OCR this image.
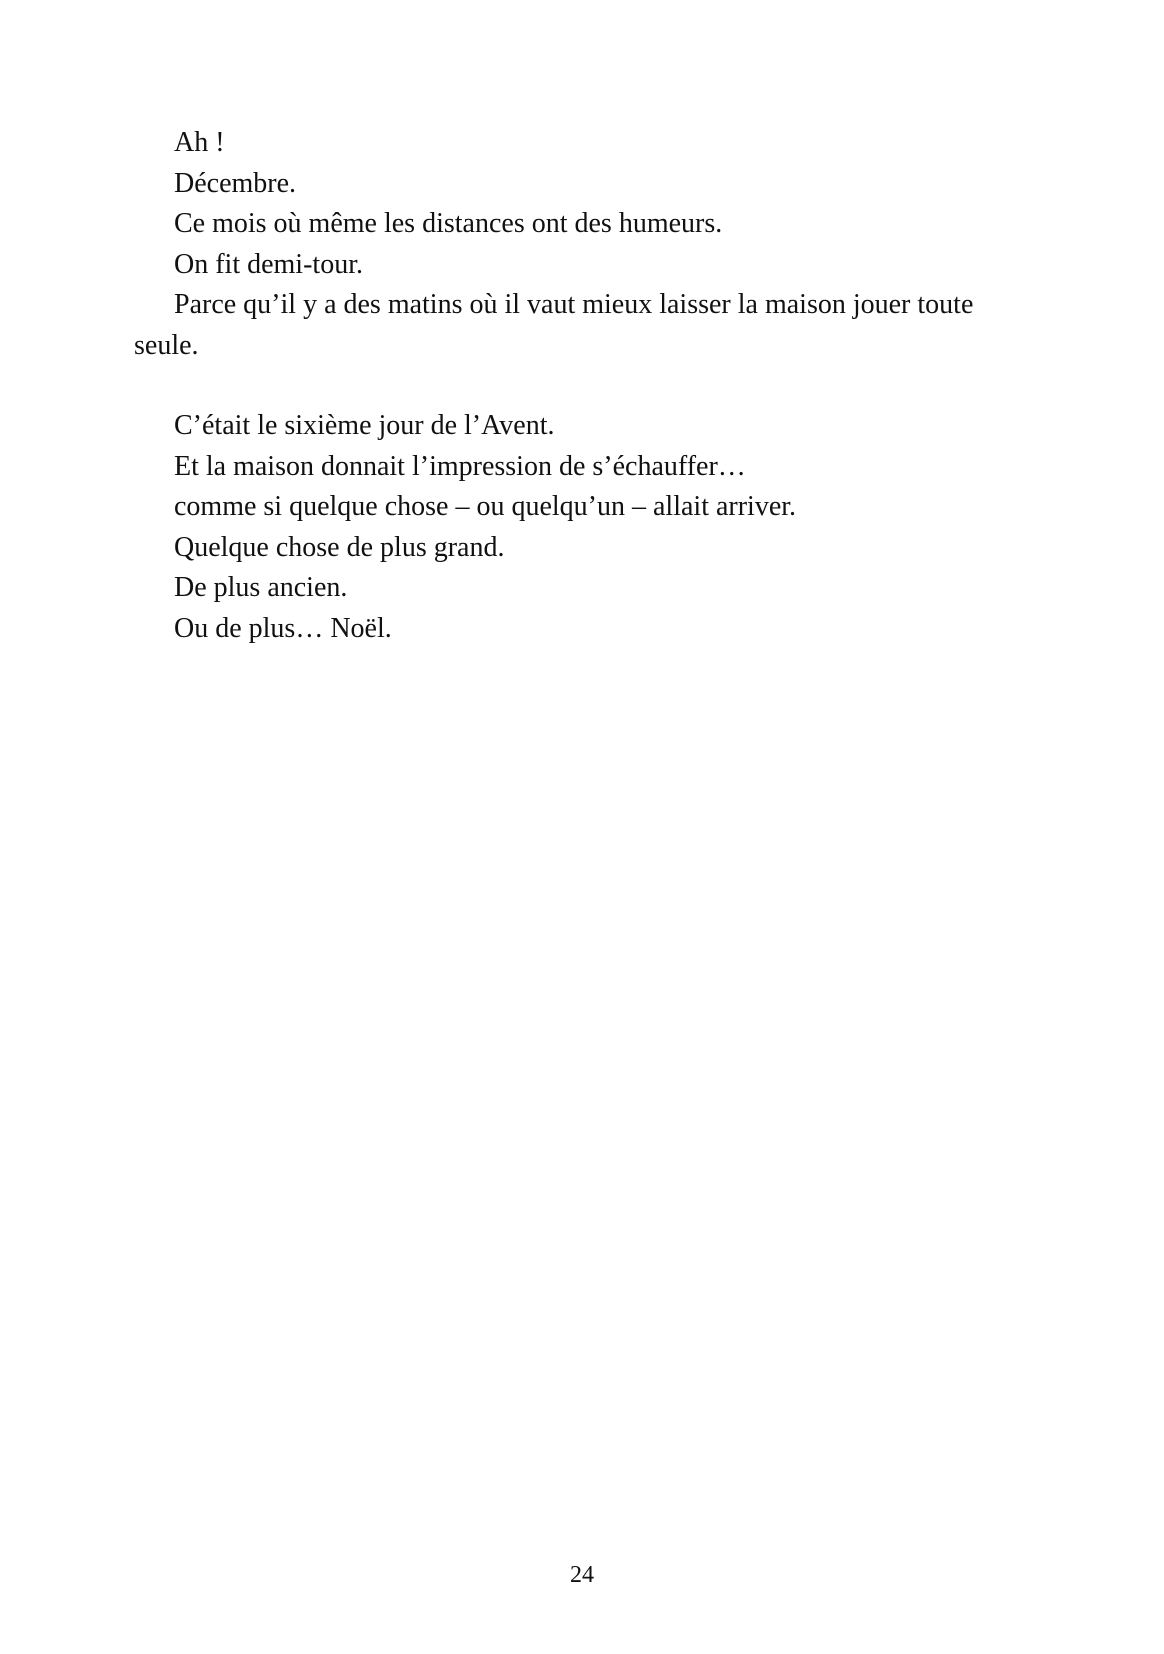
Ah !

Décembre.

Ce mois où même les distances ont des humeurs.

On fit demi-tour.

Parce qu’il y a des matins où il vaut mieux laisser la maison jouer toute seule.

C’était le sixième jour de l’Avent.

Et la maison donnait l’impression de s’échauffer…

comme si quelque chose – ou quelqu’un – allait arriver.

Quelque chose de plus grand.

De plus ancien.

Ou de plus… Noël.

24
